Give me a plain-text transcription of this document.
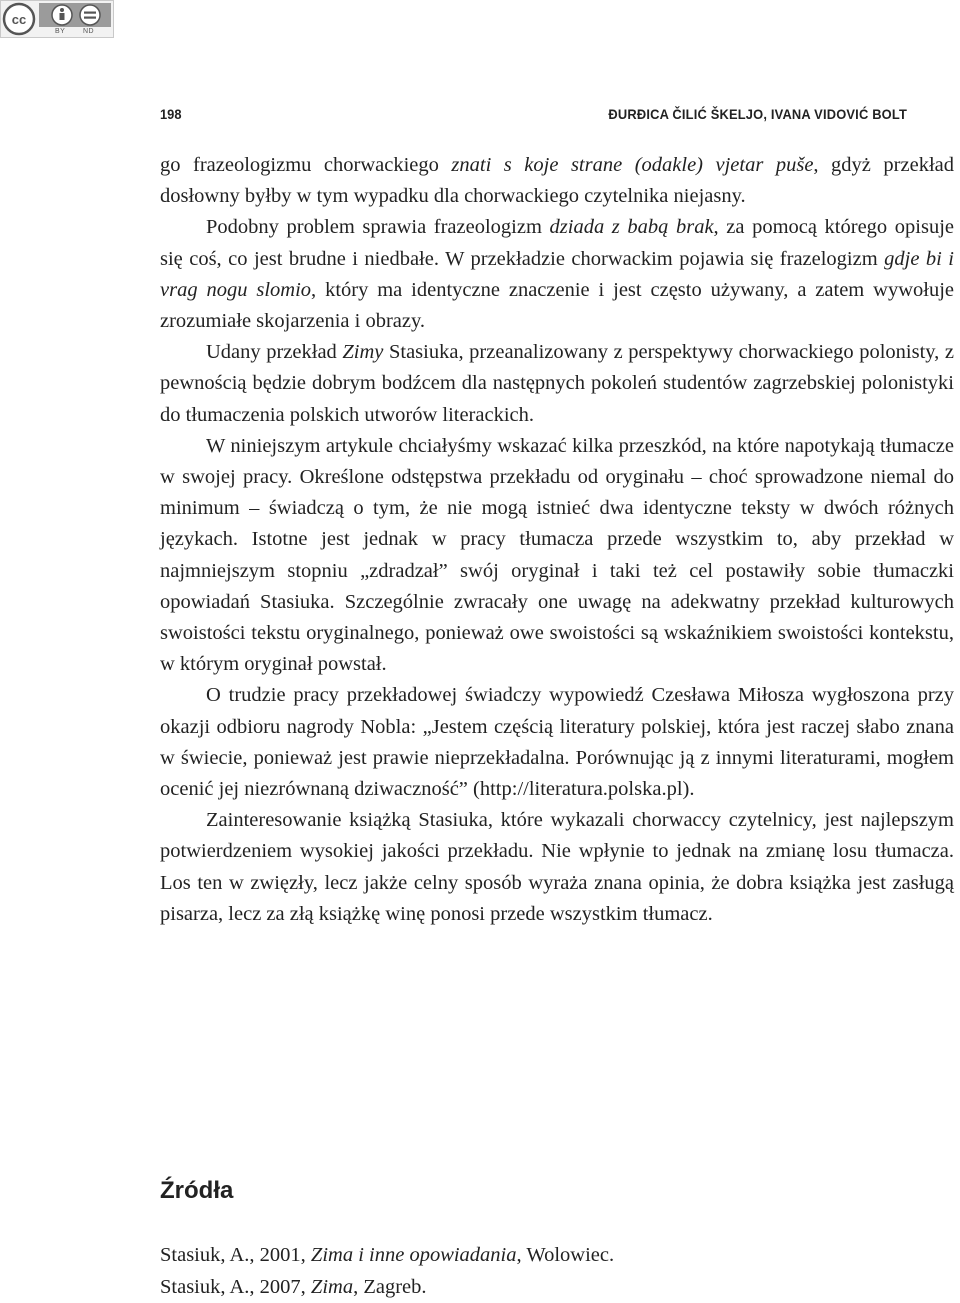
cc
BY	ND
198	ĐURĐICA ČILIĆ ŠKELJO, IVANA VIDOVIĆ BOLT

go frazeologizmu chorwackiego znati s koje strane (odakle) vjetar puše, gdyż przekład dosłowny byłby w tym wypadku dla chorwackiego czytelnika niejasny.

Podobny problem sprawia frazeologizm dziada z babą brak, za pomocą którego opisuje się coś, co jest brudne i niedbałe. W przekładzie chorwackim pojawia się frazelogizm gdje bi i vrag nogu slomio, który ma identyczne znaczenie i jest często używany, a zatem wywołuje zrozumiałe skojarzenia i obrazy.

Udany przekład Zimy Stasiuka, przeanalizowany z perspektywy chorwackiego polonisty, z pewnością będzie dobrym bodźcem dla następnych pokoleń studentów zagrzebskiej polonistyki do tłumaczenia polskich utworów literackich.

W niniejszym artykule chciałyśmy wskazać kilka przeszkód, na które napotykają tłumacze w swojej pracy. Określone odstępstwa przekładu od oryginału – choć sprowadzone niemal do minimum – świadczą o tym, że nie mogą istnieć dwa identyczne teksty w dwóch różnych językach. Istotne jest jednak w pracy tłumacza przede wszystkim to, aby przekład w najmniejszym stopniu „zdradzał” swój oryginał i taki też cel postawiły sobie tłumaczki opowiadań Stasiuka. Szczególnie zwracały one uwagę na adekwatny przekład kulturowych swoistości tekstu oryginalnego, ponieważ owe swoistości są wskaźnikiem swoistości kontekstu, w którym oryginał powstał.

O trudzie pracy przekładowej świadczy wypowiedź Czesława Miłosza wygłoszona przy okazji odbioru nagrody Nobla: „Jestem częścią literatury polskiej, która jest raczej słabo znana w świecie, ponieważ jest prawie nieprzekładalna. Porównując ją z innymi literaturami, mogłem ocenić jej niezrównaną dziwaczność” (http://literatura.polska.pl).

Zainteresowanie książką Stasiuka, które wykazali chorwaccy czytelnicy, jest najlepszym potwierdzeniem wysokiej jakości przekładu. Nie wpłynie to jednak na zmianę losu tłumacza. Los ten w zwięzły, lecz jakże celny sposób wyraża znana opinia, że dobra książka jest zasługą pisarza, lecz za złą książkę winę ponosi przede wszystkim tłumacz.

Źródła
Stasiuk, A., 2001, Zima i inne opowiadania, Wolowiec.
Stasiuk, A., 2007, Zima, Zagreb.
